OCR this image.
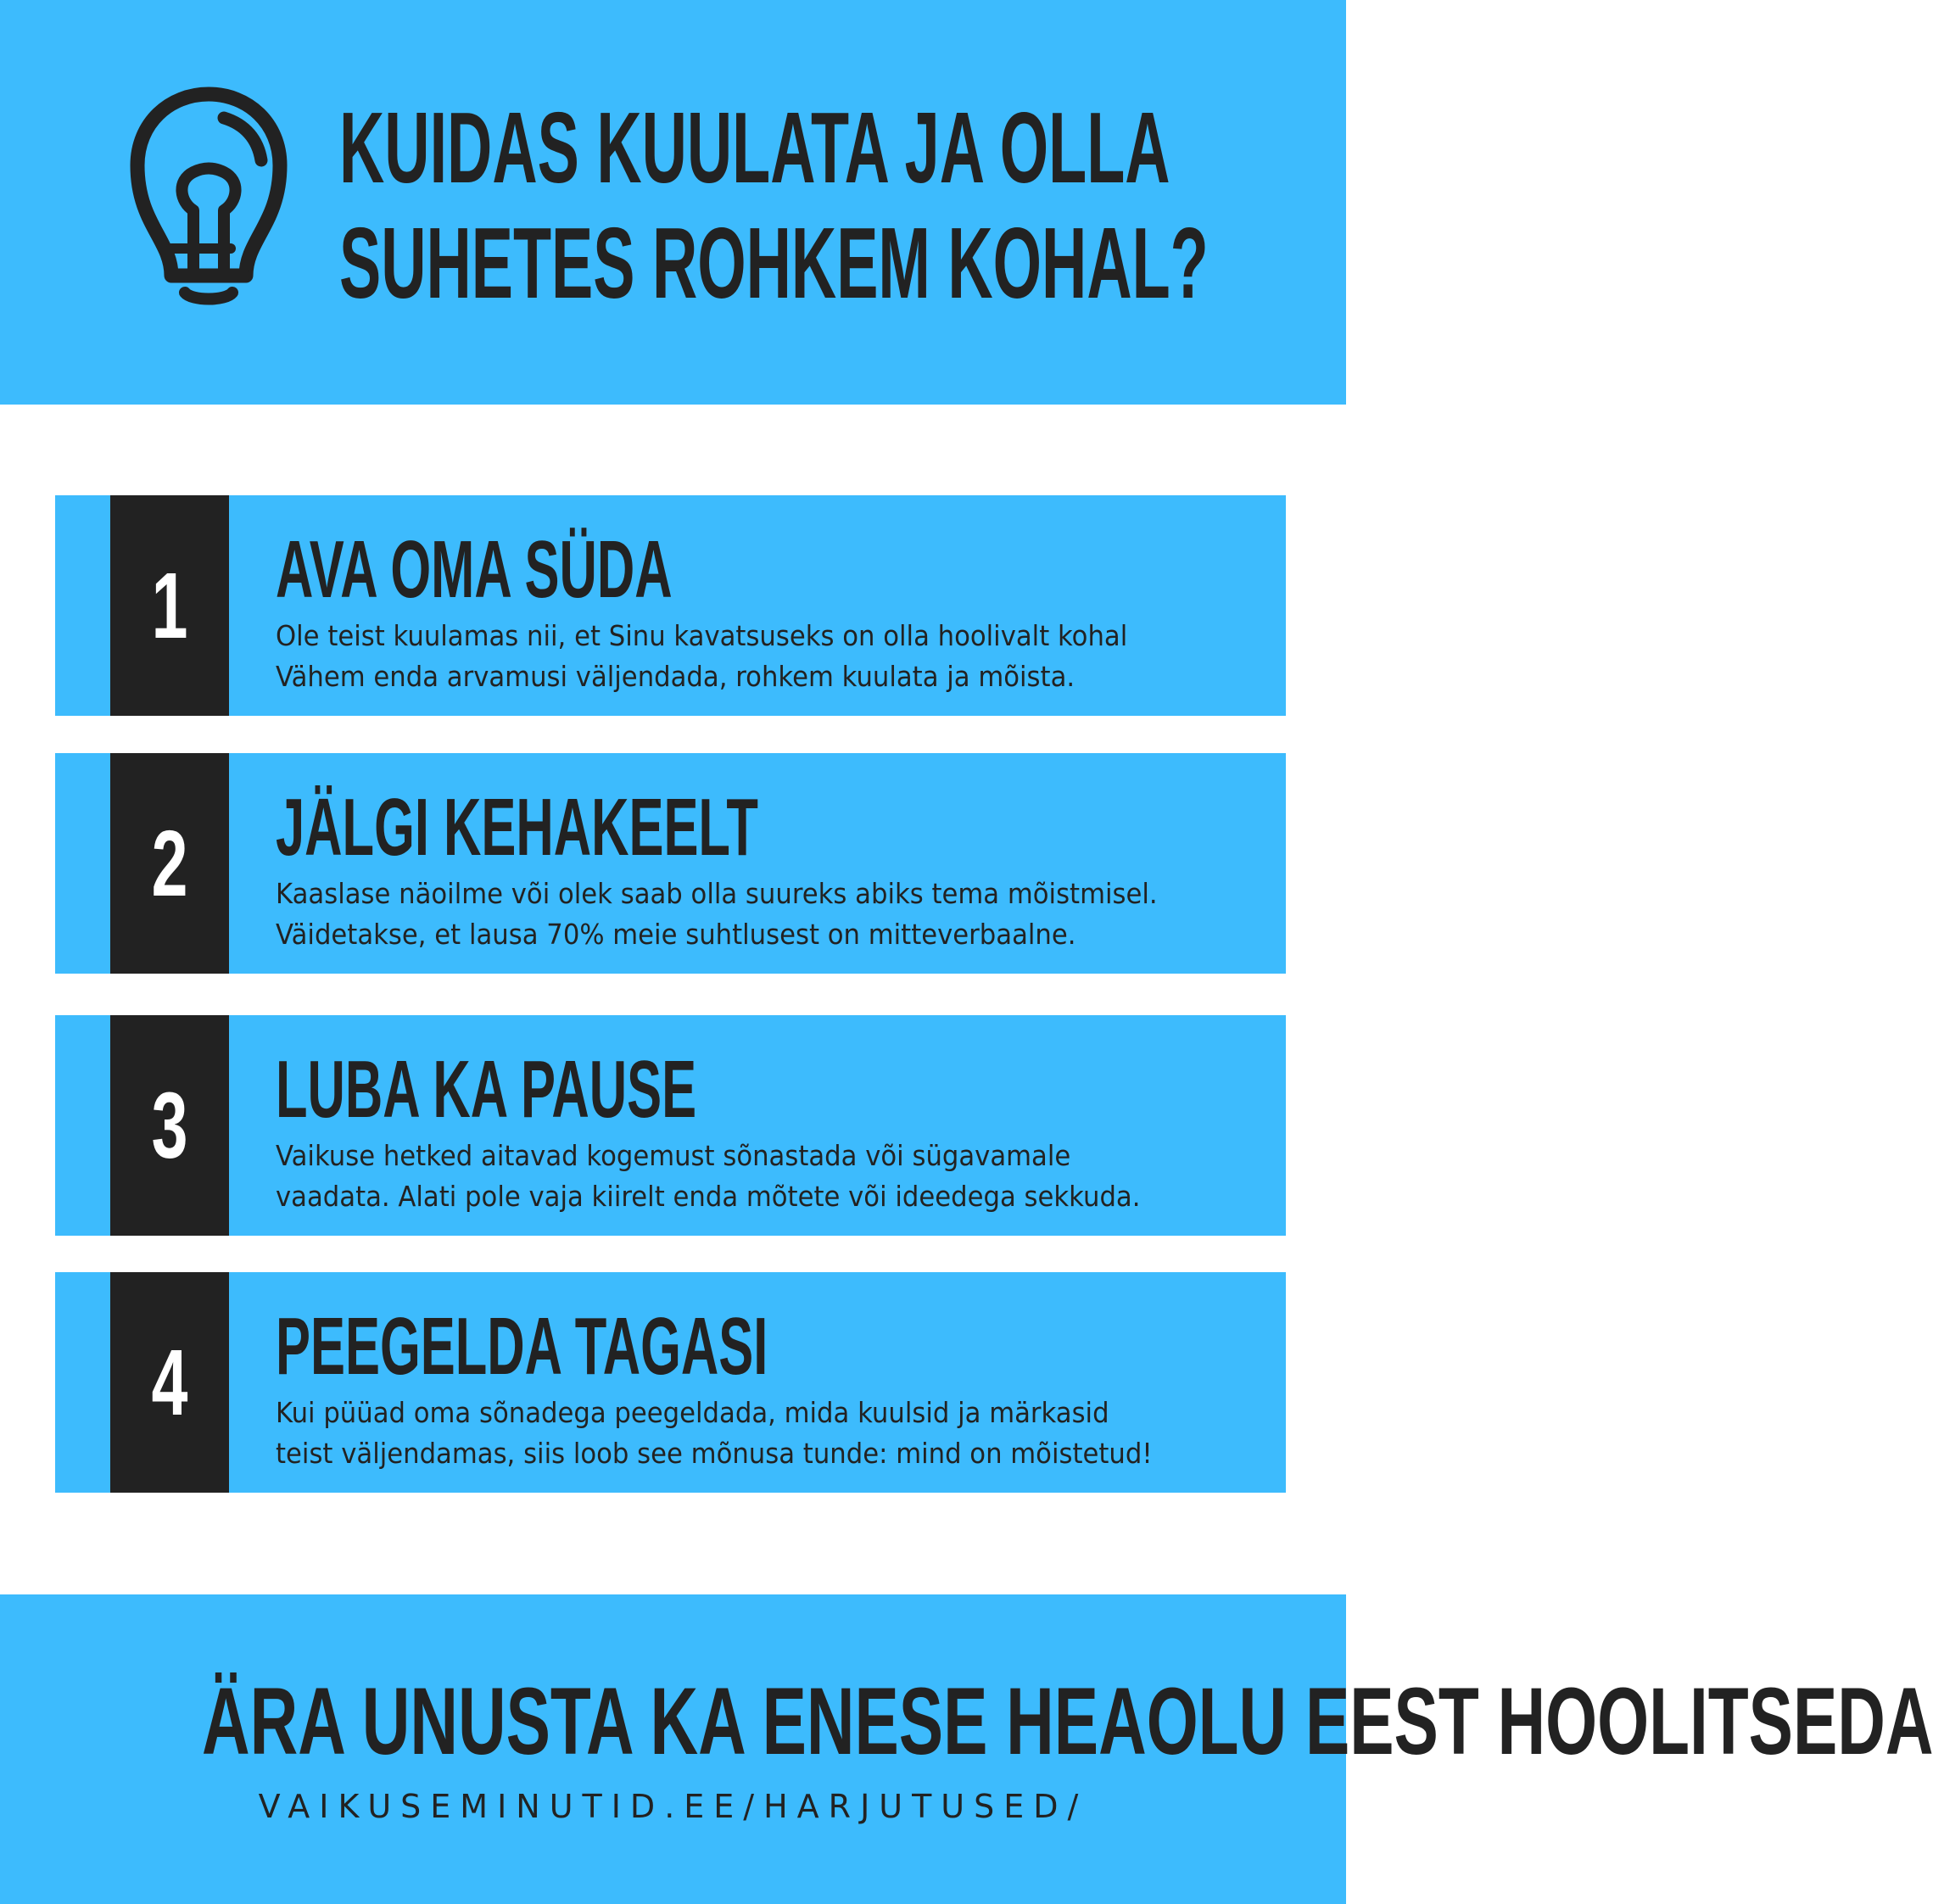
KUIDAS KUULATA JA OLLA
SUHETES ROHKEM KOHAL?
1 AVA OMA SÜDA

Ole teist kuulamas nii, et Sinu kavatsuseks on olla hoolivalt kohal
Vähem enda arvamusi väljendada, rohkem kuulata ja mõista.

2 JÄLGI KEHAKEELT

Kaaslase näoilme või olek saab olla suureks abiks tema mõistmisel.
Väidetakse, et lausa 70% meie suhtlusest on mitteverbaalne.

3 LUBA KA PAUSE

Vaikuse hetked aitavad kogemust sõnastada või sügavamale
vaadata. Alati pole vaja kiirelt enda mõtete või ideedega sekkuda.

4 PEEGELDA TAGASI

Kui püüad oma sõnadega peegeldada, mida kuulsid ja märkasid
teist väljendamas, siis loob see mõnusa tunde: mind on mõistetud!

ÄRA UNUSTA KA ENESE HEAOLU EEST HOOLITSEDA
VAIKUSEMINUTID.EE/HARJUTUSED/
